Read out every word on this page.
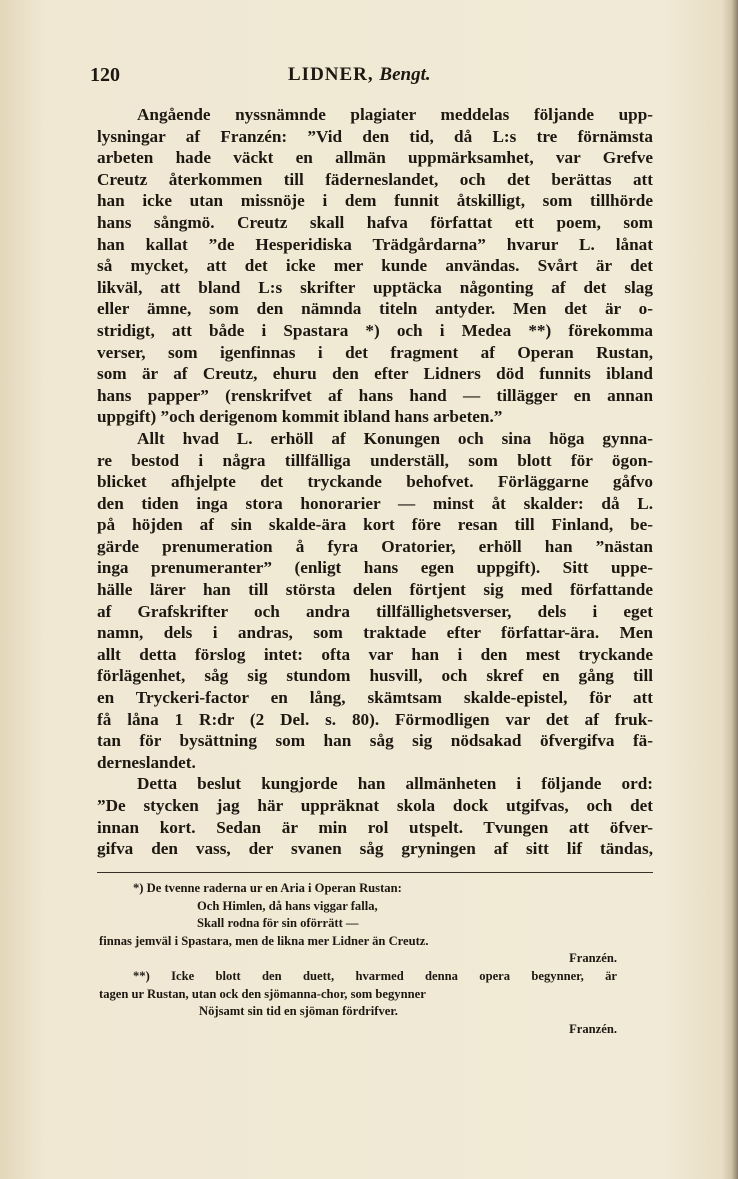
120	LIDNER, Bengt.
Angående nyssnämnde plagiater meddelas följande upp-
lysningar af Franzén: ”Vid den tid, då L:s tre förnämsta
arbeten hade väckt en allmän uppmärksamhet, var Grefve
Creutz återkommen till fäderneslandet, och det berättas att
han icke utan missnöje i dem funnit åtskilligt, som tillhörde
hans sångmö. Creutz skall hafva författat ett poem, som
han kallat ”de Hesperidiska Trädgårdarna” hvarur L. lånat
så mycket, att det icke mer kunde användas. Svårt är det
likväl, att bland L:s skrifter upptäcka någonting af det slag
eller ämne, som den nämnda titeln antyder. Men det är o-
stridigt, att både i Spastara *) och i Medea **) förekomma
verser, som igenfinnas i det fragment af Operan Rustan,
som är af Creutz, ehuru den efter Lidners död funnits ibland
hans papper” (renskrifvet af hans hand — tillägger en annan
uppgift) ”och derigenom kommit ibland hans arbeten.”
Allt hvad L. erhöll af Konungen och sina höga gynna-
re bestod i några tillfälliga underställ, som blott för ögon-
blicket afhjelpte det tryckande behofvet. Förläggarne gåfvo
den tiden inga stora honorarier — minst åt skalder: då L.
på höjden af sin skalde-ära kort före resan till Finland, be-
gärde prenumeration å fyra Oratorier, erhöll han ”nästan
inga prenumeranter” (enligt hans egen uppgift). Sitt uppe-
hälle lärer han till största delen förtjent sig med författande
af Grafskrifter och andra tillfällighetsverser, dels i eget
namn, dels i andras, som traktade efter författar-ära. Men
allt detta förslog intet: ofta var han i den mest tryckande
förlägenhet, såg sig stundom husvill, och skref en gång till
en Tryckeri-factor en lång, skämtsam skalde-epistel, för att
få låna 1 R:dr (2 Del. s. 80). Förmodligen var det af fruk-
tan för bysättning som han såg sig nödsakad öfvergifva fä-
derneslandet.
Detta beslut kungjorde han allmänheten i följande ord:
”De stycken jag här uppräknat skola dock utgifvas, och det
innan kort. Sedan är min rol utspelt. Tvungen att öfver-
gifva den vass, der svanen såg gryningen af sitt lif tändas,
*) De tvenne raderna ur en Aria i Operan Rustan:
Och Himlen, då hans viggar falla,
Skall rodna för sin oförrätt —
finnas jemväl i Spastara, men de likna mer Lidner än Creutz.
Franzén.
**) Icke blott den duett, hvarmed denna opera begynner, är
tagen ur Rustan, utan ock den sjömanna-chor, som begynner
Nöjsamt sin tid en sjöman fördrifver.
Franzén.
